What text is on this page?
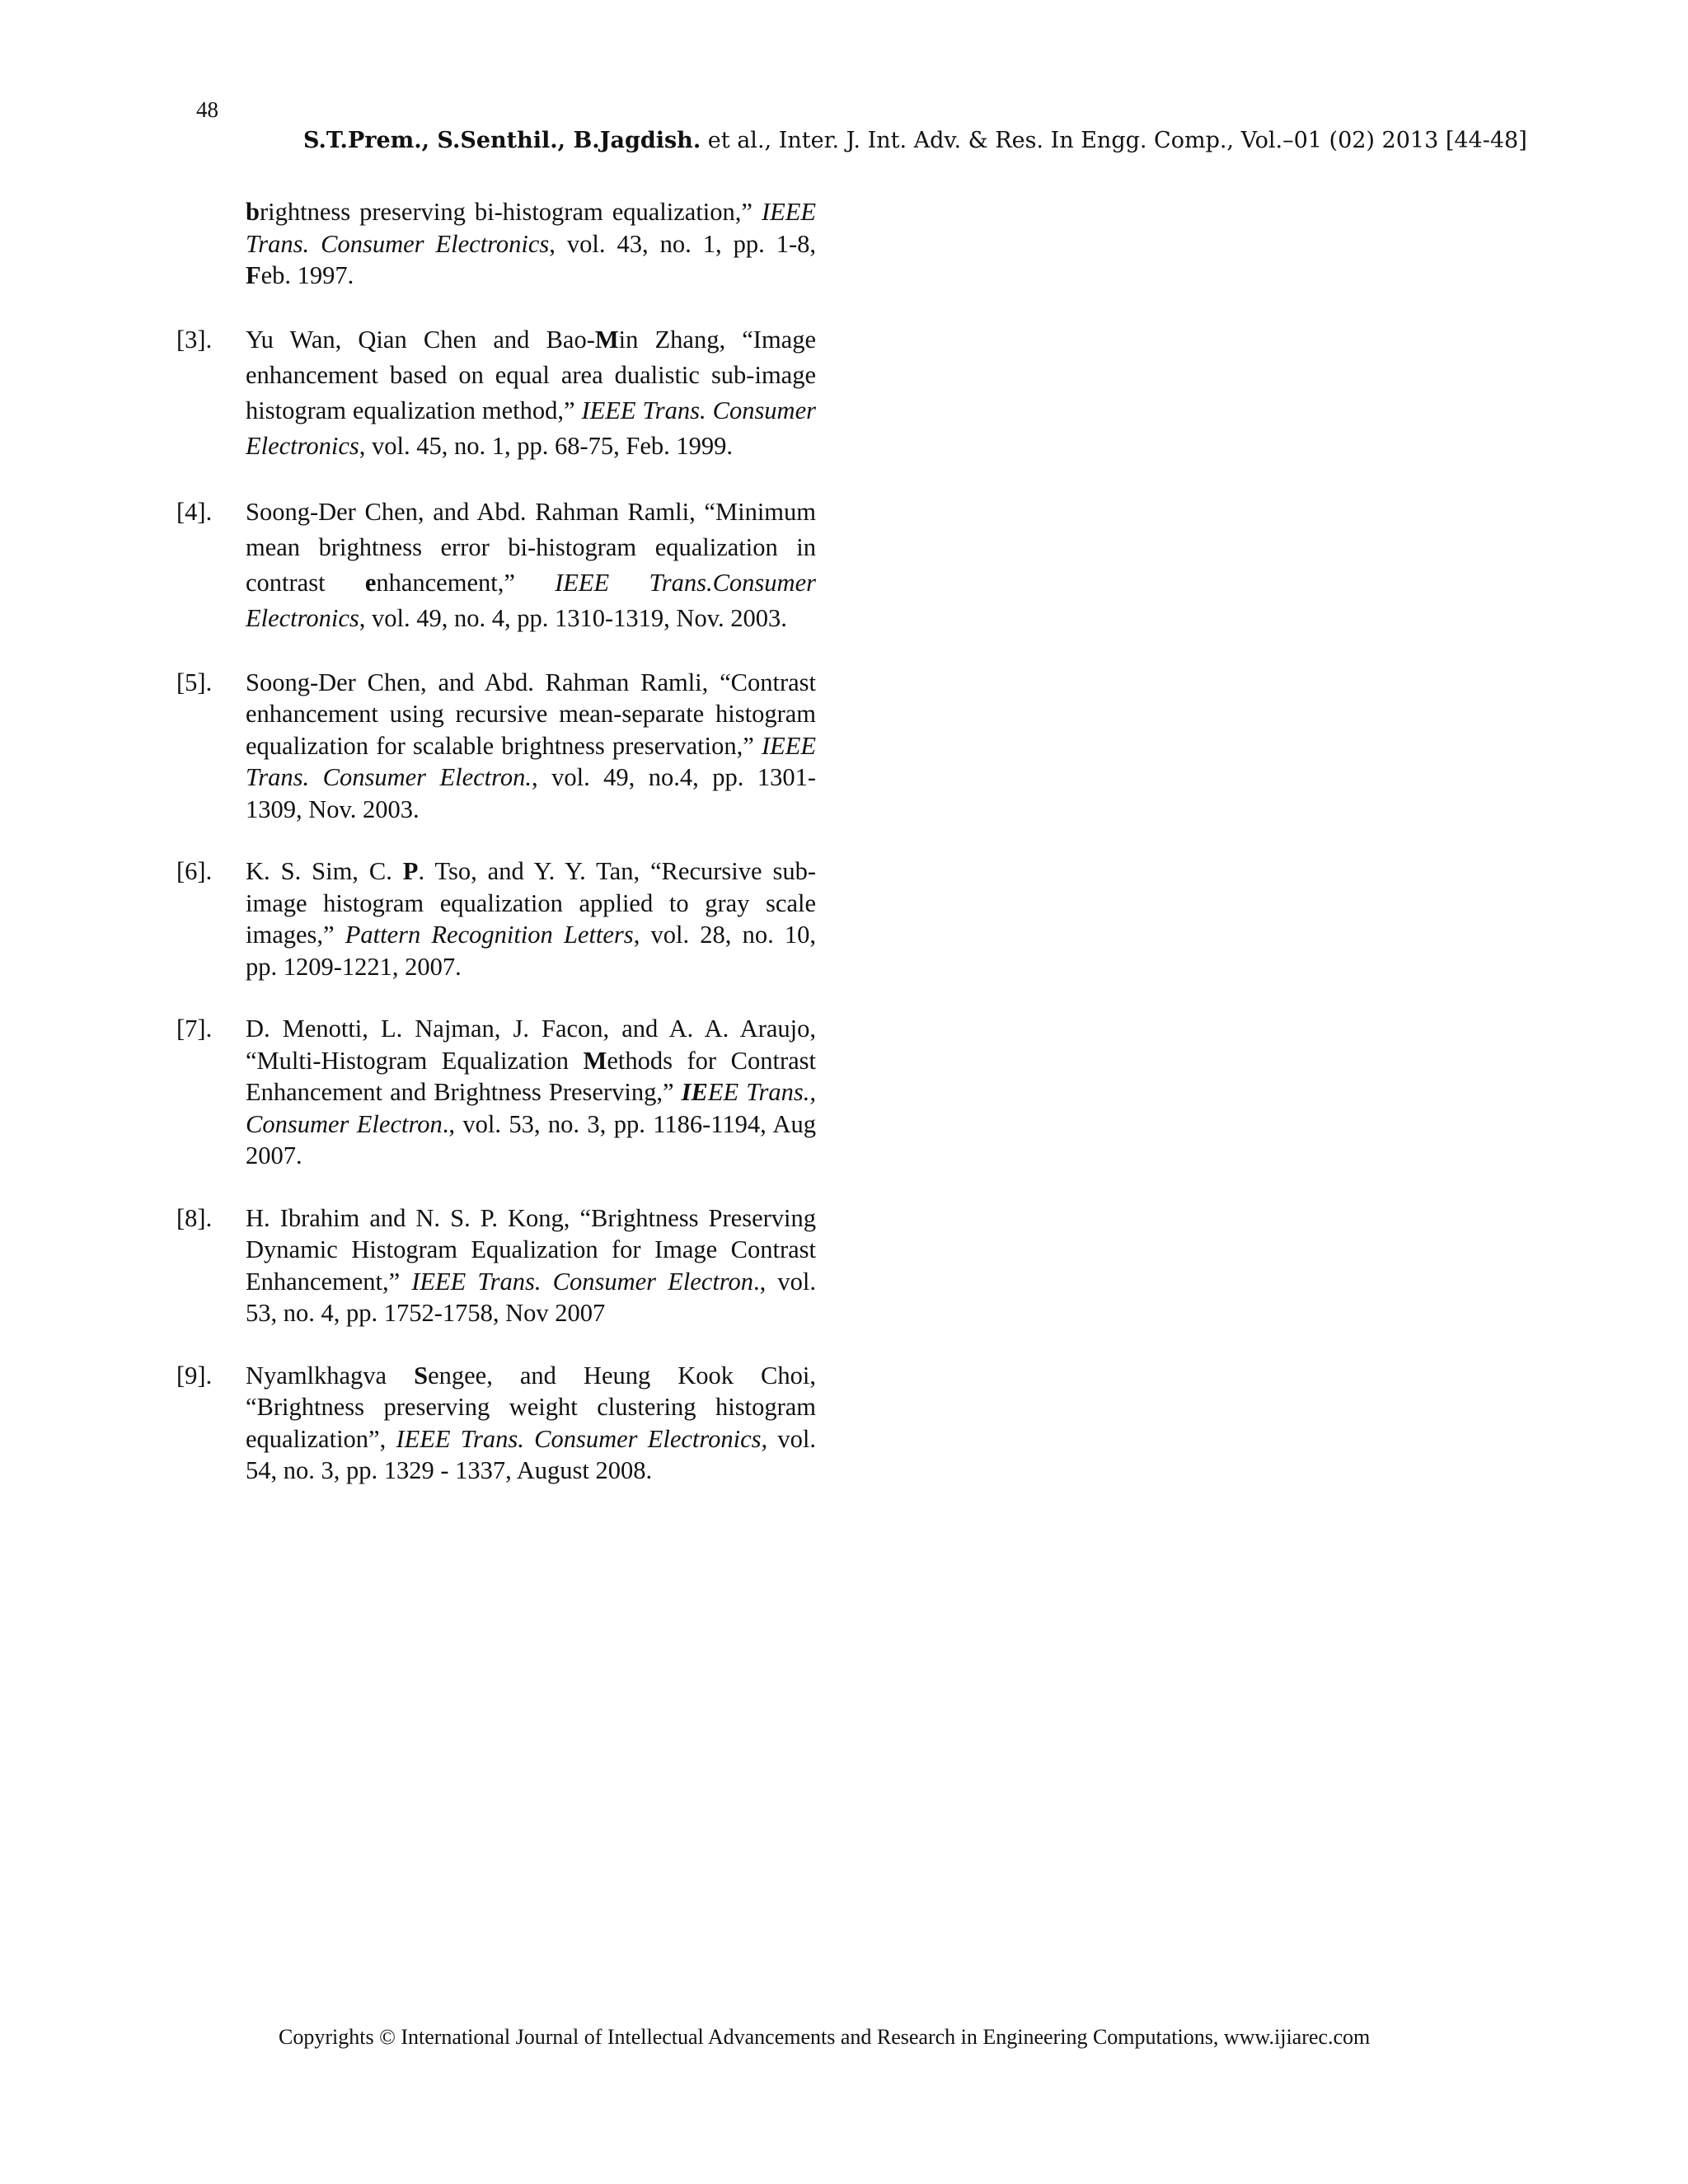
48
S.T.Prem., S.Senthil., B.Jagdish. et al., Inter. J. Int. Adv. & Res. In Engg. Comp., Vol.–01 (02) 2013 [44-48]
brightness preserving bi-histogram equalization,” IEEE Trans. Consumer Electronics, vol. 43, no. 1, pp. 1-8, Feb. 1997.
[3]. Yu Wan, Qian Chen and Bao-Min Zhang, “Image enhancement based on equal area dualistic sub-image histogram equalization method,” IEEE Trans. Consumer Electronics, vol. 45, no. 1, pp. 68-75, Feb. 1999.
[4]. Soong-Der Chen, and Abd. Rahman Ramli, “Minimum mean brightness error bi-histogram equalization in contrast enhancement,” IEEE Trans.Consumer Electronics, vol. 49, no. 4, pp. 1310-1319, Nov. 2003.
[5]. Soong-Der Chen, and Abd. Rahman Ramli, “Contrast enhancement using recursive mean-separate histogram equalization for scalable brightness preservation,” IEEE Trans. Consumer Electron., vol. 49, no.4, pp. 1301-1309, Nov. 2003.
[6]. K. S. Sim, C. P. Tso, and Y. Y. Tan, “Recursive sub-image histogram equalization applied to gray scale images,” Pattern Recognition Letters, vol. 28, no. 10, pp. 1209-1221, 2007.
[7]. D. Menotti, L. Najman, J. Facon, and A. A. Araujo, “Multi-Histogram Equalization Methods for Contrast Enhancement and Brightness Preserving,” IEEE Trans., Consumer Electron., vol. 53, no. 3, pp. 1186-1194, Aug 2007.
[8]. H. Ibrahim and N. S. P. Kong, “Brightness Preserving Dynamic Histogram Equalization for Image Contrast Enhancement,” IEEE Trans. Consumer Electron., vol. 53, no. 4, pp. 1752-1758, Nov 2007
[9]. Nyamlkhagva Sengee, and Heung Kook Choi, “Brightness preserving weight clustering histogram equalization”, IEEE Trans. Consumer Electronics, vol. 54, no. 3, pp. 1329 - 1337, August 2008.
Copyrights © International Journal of Intellectual Advancements and Research in Engineering Computations, www.ijiarec.com
